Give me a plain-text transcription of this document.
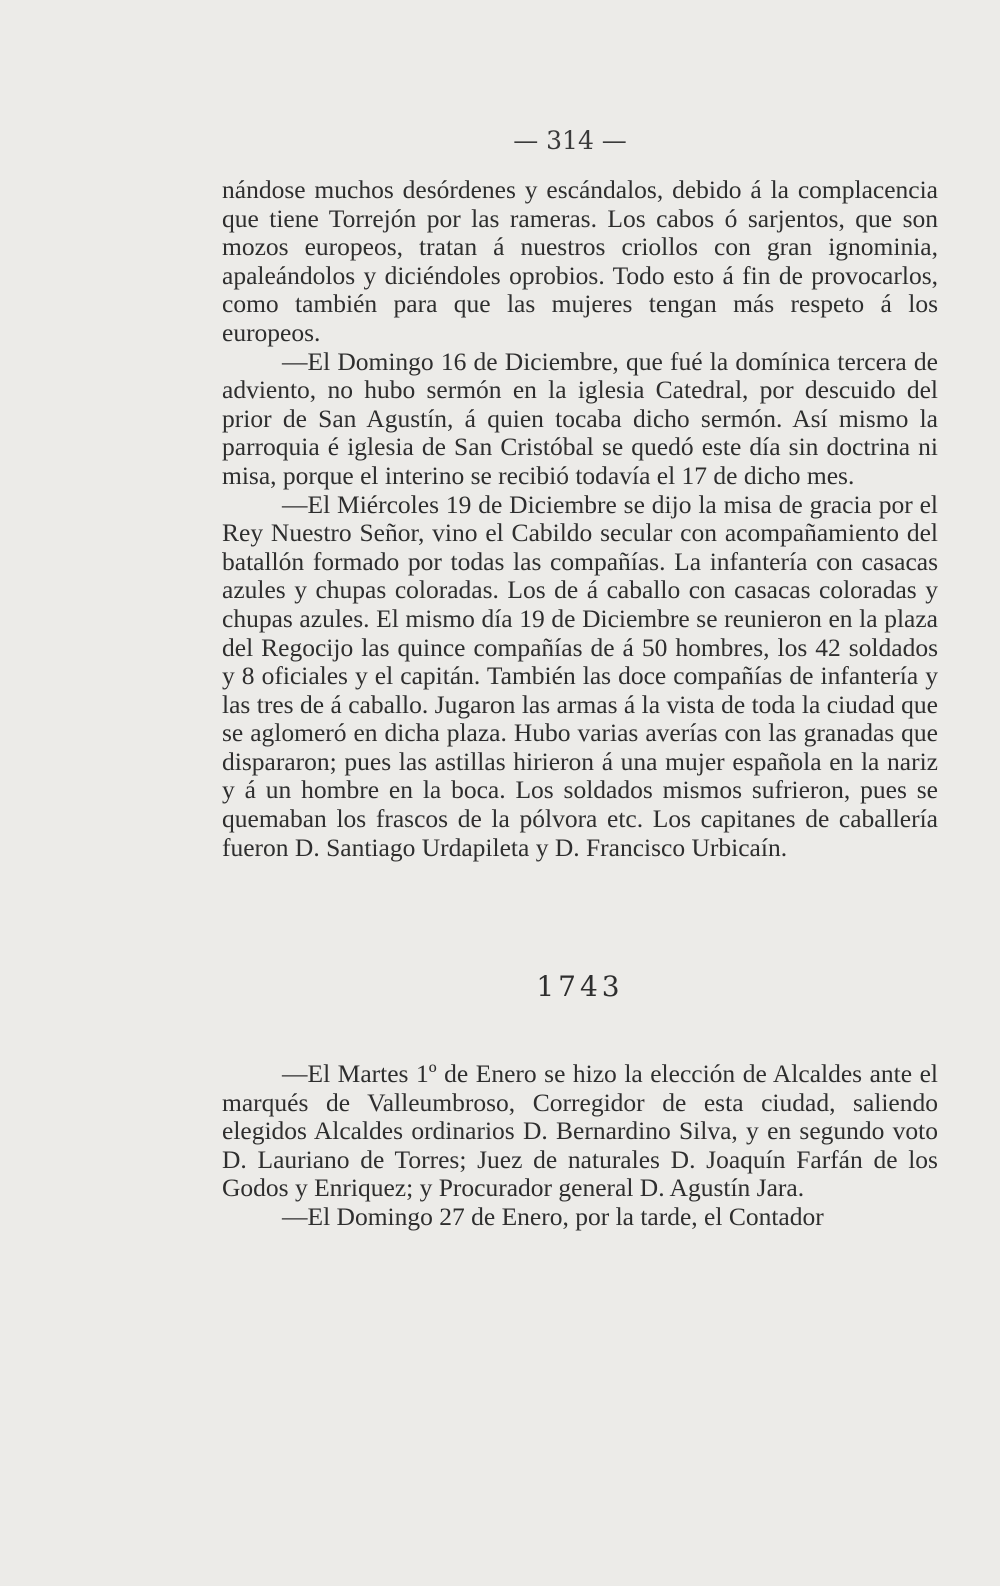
— 314 —

nándose muchos desórdenes y escándalos, debido á la complacencia que tiene Torrejón por las rameras. Los cabos ó sarjentos, que son mozos europeos, tratan á nuestros criollos con gran ignominia, apaleándolos y diciéndoles oprobios. Todo esto á fin de provocarlos, como también para que las mujeres tengan más respeto á los europeos.

—El Domingo 16 de Diciembre, que fué la domínica tercera de adviento, no hubo sermón en la iglesia Catedral, por descuido del prior de San Agustín, á quien tocaba dicho sermón. Así mismo la parroquia é iglesia de San Cristóbal se quedó este día sin doctrina ni misa, porque el interino se recibió todavía el 17 de dicho mes.

—El Miércoles 19 de Diciembre se dijo la misa de gracia por el Rey Nuestro Señor, vino el Cabildo secular con acompañamiento del batallón formado por todas las compañías. La infantería con casacas azules y chupas coloradas. Los de á caballo con casacas coloradas y chupas azules. El mismo día 19 de Diciembre se reunieron en la plaza del Regocijo las quince compañías de á 50 hombres, los 42 soldados y 8 oficiales y el capitán. También las doce compañías de infantería y las tres de á caballo. Jugaron las armas á la vista de toda la ciudad que se aglomeró en dicha plaza. Hubo varias averías con las granadas que dispararon; pues las astillas hirieron á una mujer española en la nariz y á un hombre en la boca. Los soldados mismos sufrieron, pues se quemaban los frascos de la pólvora etc. Los capitanes de caballería fueron D. Santiago Urdapileta y D. Francisco Urbicaín.

1743

—El Martes 1º de Enero se hizo la elección de Alcaldes ante el marqués de Valleumbroso, Corregidor de esta ciudad, saliendo elegidos Alcaldes ordinarios D. Bernardino Silva, y en segundo voto D. Lauriano de Torres; Juez de naturales D. Joaquín Farfán de los Godos y Enriquez; y Procurador general D. Agustín Jara.

—El Domingo 27 de Enero, por la tarde, el Contador
